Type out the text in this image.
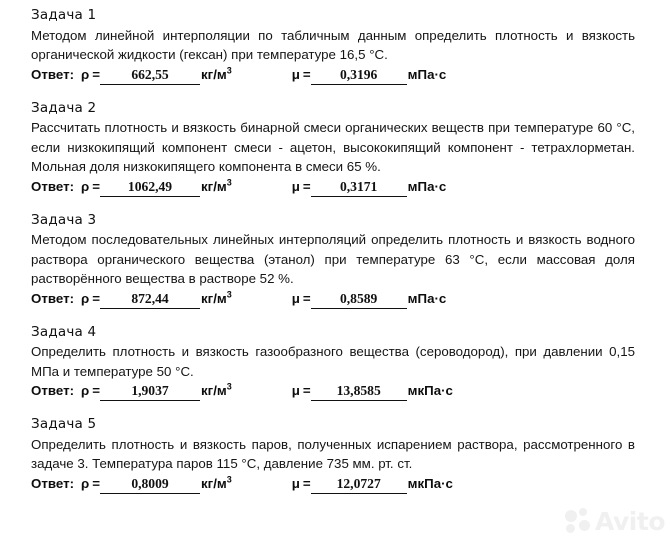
Задача 1
Методом линейной интерполяции по табличным данным определить плотность и вязкость органической жидкости (гексан) при температуре 16,5 °С.
Ответ: ρ =	662,55	$кг/м^3$	μ =	0,3196	мПа·с
Задача 2
Рассчитать плотность и вязкость бинарной смеси органических веществ при температуре 60 °С, если низкокипящий компонент смеси - ацетон, высококипящий компонент - тетрахлорметан. Мольная доля низкокипящего компонента в смеси 65 %.
Ответ: ρ =	1062,49	$кг/м^3$	μ =	0,3171	мПа·с
Задача 3
Методом последовательных линейных интерполяций определить плотность и вязкость водного раствора органического вещества (этанол) при температуре 63 °С, если массовая доля растворённого вещества в растворе 52 %.
Ответ: ρ =	872,44	$кг/м^3$	μ =	0,8589	мПа·с
Задача 4
Определить плотность и вязкость газообразного вещества (сероводород), при давлении 0,15 МПа и температуре 50 °С.
Ответ: ρ =	1,9037	$кг/м^3$	μ =	13,8585	мкПа·с
Задача 5
Определить плотность и вязкость паров, полученных испарением раствора, рассмотренного в задаче 3. Температура паров 115 °С, давление 735 мм. рт. ст.
Ответ: ρ =	0,8009	$кг/м^3$	μ =	12,0727	мкПа·с
Avito
